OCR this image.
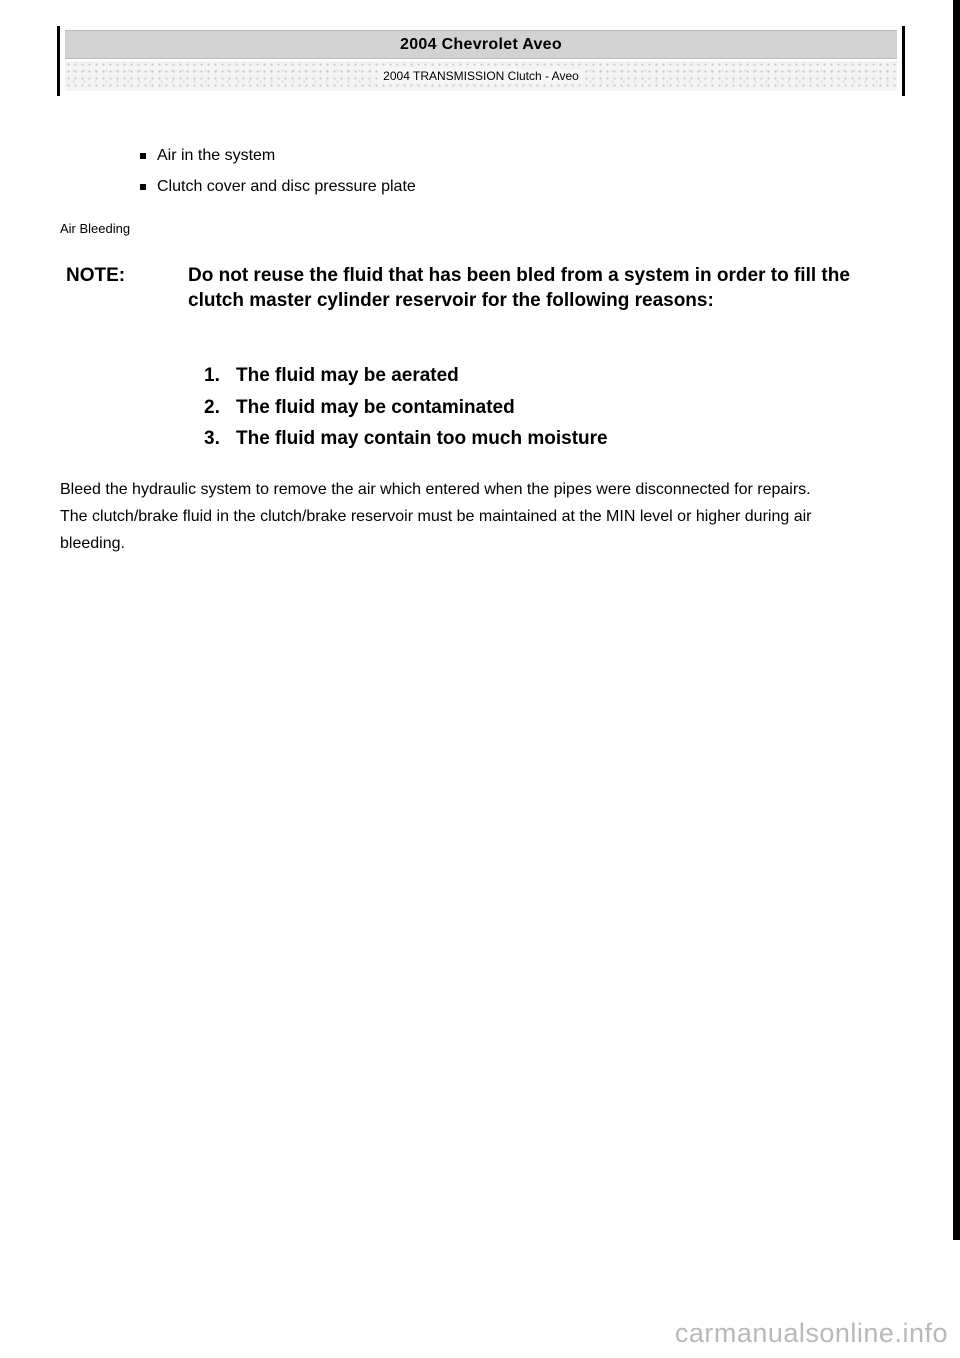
2004 Chevrolet Aveo
2004 TRANSMISSION Clutch - Aveo
Air in the system
Clutch cover and disc pressure plate
Air Bleeding
NOTE:	Do not reuse the fluid that has been bled from a system in order to fill the clutch master cylinder reservoir for the following reasons:
1. The fluid may be aerated
2. The fluid may be contaminated
3. The fluid may contain too much moisture
Bleed the hydraulic system to remove the air which entered when the pipes were disconnected for repairs. The clutch/brake fluid in the clutch/brake reservoir must be maintained at the MIN level or higher during air bleeding.
carmanualsonline.info
